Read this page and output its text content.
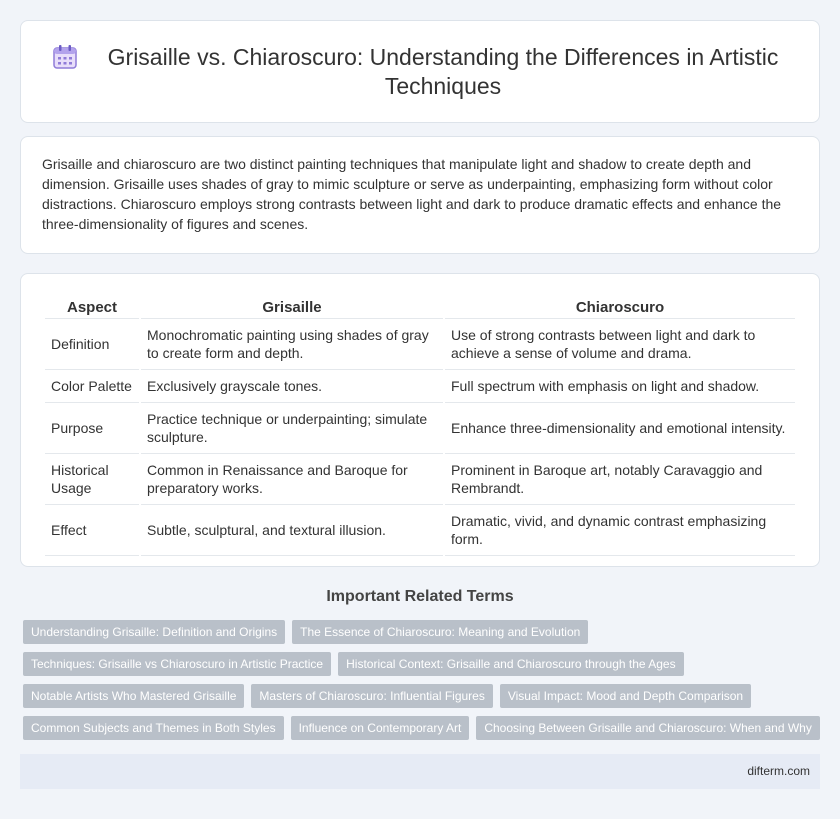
Grisaille vs. Chiaroscuro: Understanding the Differences in Artistic Techniques

Grisaille and chiaroscuro are two distinct painting techniques that manipulate light and shadow to create depth and dimension. Grisaille uses shades of gray to mimic sculpture or serve as underpainting, emphasizing form without color distractions. Chiaroscuro employs strong contrasts between light and dark to produce dramatic effects and enhance the three-dimensionality of figures and scenes.

Aspect	Grisaille	Chiaroscuro
Definition	Monochromatic painting using shades of gray to create form and depth.	Use of strong contrasts between light and dark to achieve a sense of volume and drama.
Color Palette	Exclusively grayscale tones.	Full spectrum with emphasis on light and shadow.
Purpose	Practice technique or underpainting; simulate sculpture.	Enhance three-dimensionality and emotional intensity.
Historical Usage	Common in Renaissance and Baroque for preparatory works.	Prominent in Baroque art, notably Caravaggio and Rembrandt.
Effect	Subtle, sculptural, and textural illusion.	Dramatic, vivid, and dynamic contrast emphasizing form.
Important Related Terms
Understanding Grisaille: Definition and Origins	The Essence of Chiaroscuro: Meaning and Evolution
Techniques: Grisaille vs Chiaroscuro in Artistic Practice	Historical Context: Grisaille and Chiaroscuro through the Ages
Notable Artists Who Mastered Grisaille	Masters of Chiaroscuro: Influential Figures	Visual Impact: Mood and Depth Comparison
Common Subjects and Themes in Both Styles	Influence on Contemporary Art	Choosing Between Grisaille and Chiaroscuro: When and Why
difterm.com
